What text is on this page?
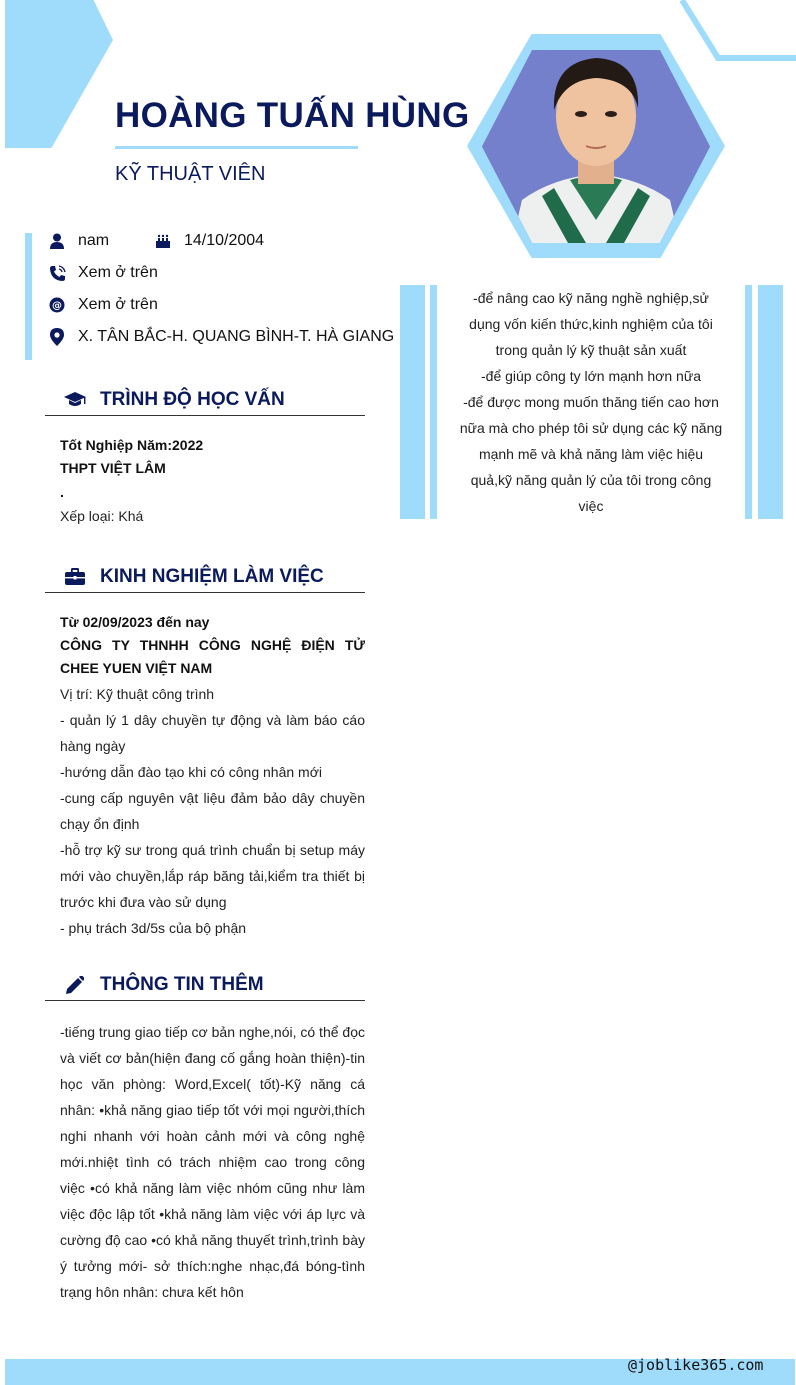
HOÀNG TUẤN HÙNG
KỸ THUẬT VIÊN
nam	14/10/2004
Xem ở trên
@ Xem ở trên
X. TÂN BẮC-H. QUANG BÌNH-T. HÀ GIANG
-để nâng cao kỹ năng nghề nghiệp,sử
dụng vốn kiến thức,kinh nghiệm của tôi
trong quản lý kỹ thuật sản xuất
-để giúp công ty lớn mạnh hơn nữa
-để được mong muốn thăng tiến cao hơn
nữa mà cho phép tôi sử dụng các kỹ năng
mạnh mẽ và khả năng làm việc hiệu
quả,kỹ năng quản lý của tôi trong công
việc
TRÌNH ĐỘ HỌC VẤN
Tốt Nghiệp Năm:2022
THPT VIỆT LÂM
.
Xếp loại: Khá
KINH NGHIỆM LÀM VIỆC
Từ 02/09/2023 đến nay
CÔNG TY THNHH CÔNG NGHỆ ĐIỆN TỬ CHEE YUEN VIỆT NAM
Vị trí: Kỹ thuật công trình
- quản lý 1 dây chuyền tự động và làm báo cáo hàng ngày
-hướng dẫn đào tạo khi có công nhân mới
-cung cấp nguyên vật liệu đảm bảo dây chuyền chạy ổn định
-hỗ trợ kỹ sư trong quá trình chuẩn bị setup máy mới vào chuyền,lắp ráp băng tải,kiểm tra thiết bị trước khi đưa vào sử dụng
- phụ trách 3d/5s của bộ phận
THÔNG TIN THÊM
-tiếng trung giao tiếp cơ bản nghe,nói, có thể đọc và viết cơ bản(hiện đang cố gắng hoàn thiện)-tin học văn phòng: Word,Excel( tốt)-Kỹ năng cá nhân: •khả năng giao tiếp tốt với mọi người,thích nghi nhanh với hoàn cảnh mới và công nghệ mới.nhiệt tình có trách nhiệm cao trong công việc •có khả năng làm việc nhóm cũng như làm việc độc lập tốt •khả năng làm việc với áp lực và cường độ cao •có khả năng thuyết trình,trình bày ý tưởng mới- sở thích:nghe nhạc,đá bóng-tình trạng hôn nhân: chưa kết hôn
@joblike365.com
